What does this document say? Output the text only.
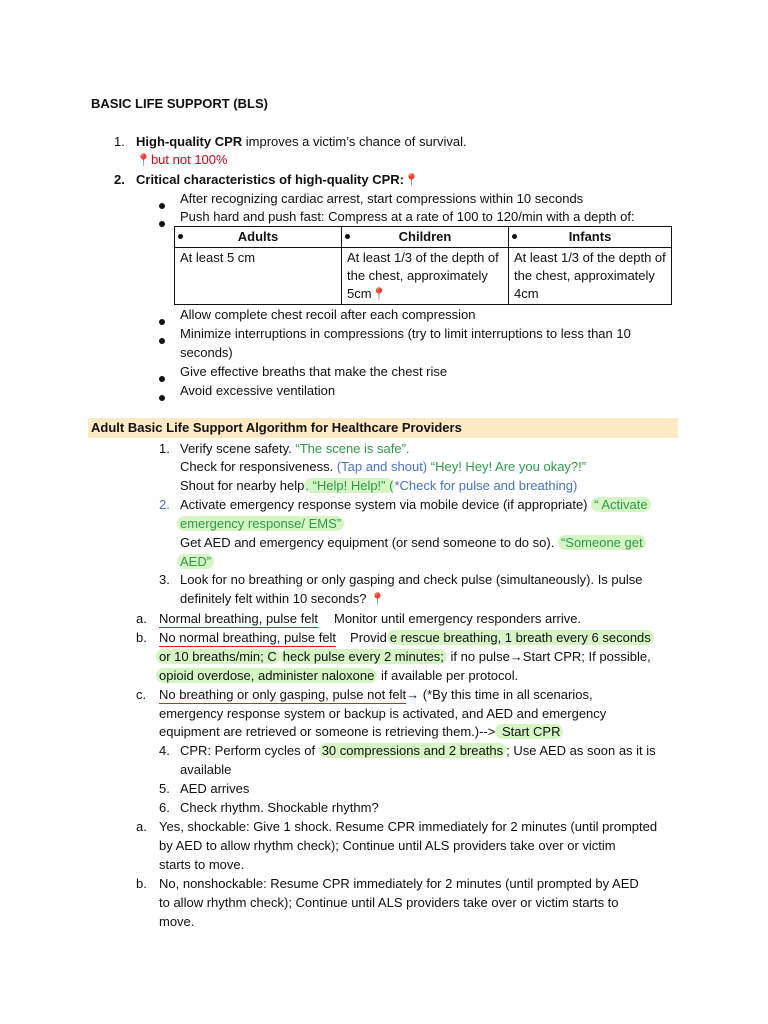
BASIC LIFE SUPPORT (BLS)
1. High-quality CPR improves a victim’s chance of survival.
📍but not 100%
2. Critical characteristics of high-quality CPR:📍
After recognizing cardiac arrest, start compressions within 10 seconds
Push hard and push fast: Compress at a rate of 100 to 120/min with a depth of:
Adults	Children	Infants
At least 5 cm	At least 1/3 of the depth of the chest, approximately 5cm📍	At least 1/3 of the depth of the chest, approximately 4cm
Allow complete chest recoil after each compression
Minimize interruptions in compressions (try to limit interruptions to less than 10
seconds)
Give effective breaths that make the chest rise
Avoid excessive ventilation
Adult Basic Life Support Algorithm for Healthcare Providers
1. Verify scene safety. “The scene is safe”.
Check for responsiveness. (Tap and shout) “Hey! Hey! Are you okay?!”
Shout for nearby help. “Help! Help!” (*Check for pulse and breathing)
2. Activate emergency response system via mobile device (if appropriate) “ Activate
emergency response/ EMS”
Get AED and emergency equipment (or send someone to do so). “Someone get
AED”
3. Look for no breathing or only gasping and check pulse (simultaneously). Is pulse
definitely felt within 10 seconds? 📍
a. Normal breathing, pulse felt Monitor until emergency responders arrive.
b. No normal breathing, pulse felt Provid e rescue breathing, 1 breath every 6 seconds
or 10 breaths/min; C heck pulse every 2 minutes; if no pulse→Start CPR; If possible,
opioid overdose, administer naloxone if available per protocol.
c. No breathing or only gasping, pulse not felt→ (*By this time in all scenarios,
emergency response system or backup is activated, and AED and emergency
equipment are retrieved or someone is retrieving them.)--> Start CPR
4. CPR: Perform cycles of 30 compressions and 2 breaths ; Use AED as soon as it is
available
5. AED arrives
6. Check rhythm. Shockable rhythm?
a. Yes, shockable: Give 1 shock. Resume CPR immediately for 2 minutes (until prompted
by AED to allow rhythm check); Continue until ALS providers take over or victim
starts to move.
b. No, nonshockable: Resume CPR immediately for 2 minutes (until prompted by AED
to allow rhythm check); Continue until ALS providers take over or victim starts to
move.
